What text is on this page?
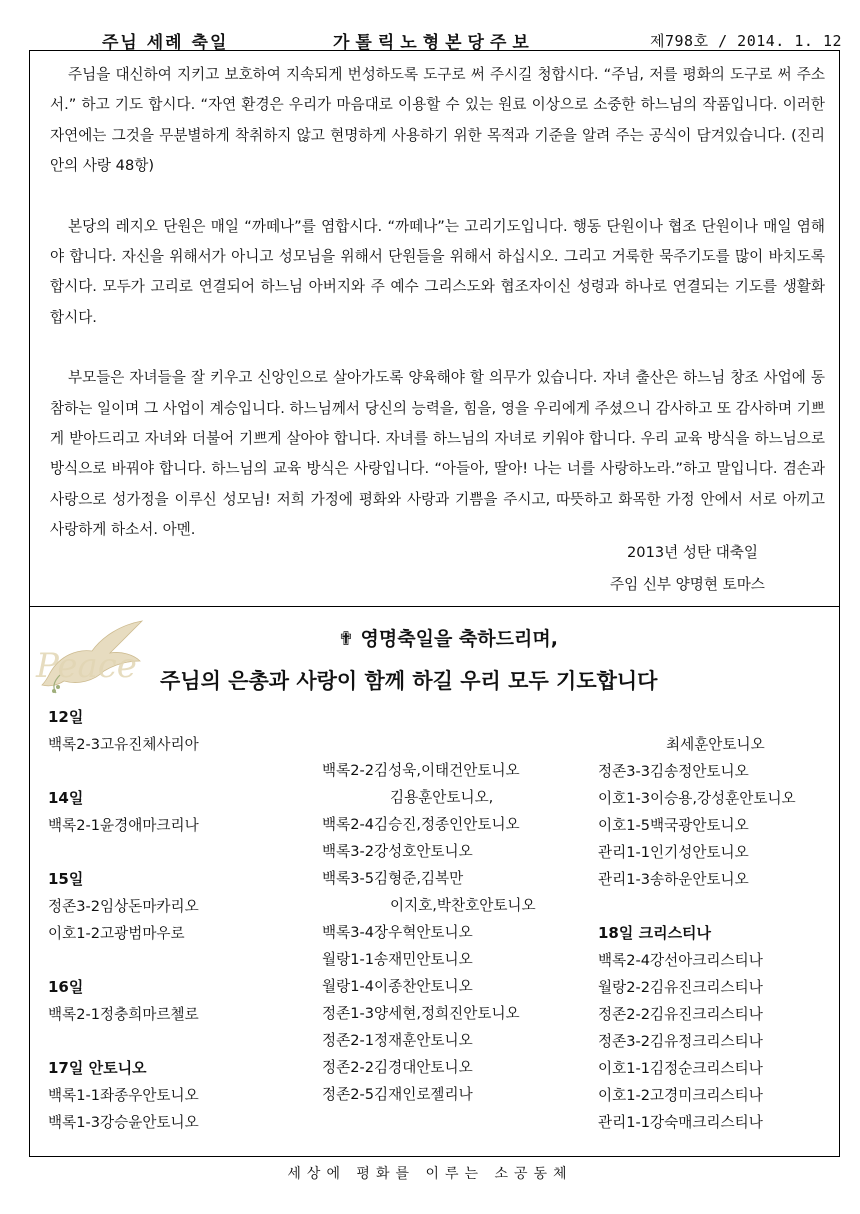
주님 세례 축일	가톨릭노형본당주보	제798호 / 2014. 1. 12

주님을 대신하여 지키고 보호하여 지속되게 번성하도록 도구로 써 주시길 청합시다. “주님, 저를 평화의 도구로 써 주소서.” 하고 기도 합시다. “자연 환경은 우리가 마음대로 이용할 수 있는 원료 이상으로 소중한 하느님의 작품입니다. 이러한 자연에는 그것을 무분별하게 착취하지 않고 현명하게 사용하기 위한 목적과 기준을 알려 주는 공식이 담겨있습니다. (진리안의 사랑 48항)

본당의 레지오 단원은 매일 “까떼나”를 염합시다. “까떼나”는 고리기도입니다. 행동 단원이나 협조 단원이나 매일 염해야 합니다. 자신을 위해서가 아니고 성모님을 위해서 단원들을 위해서 하십시오. 그리고 거룩한 묵주기도를 많이 바치도록 합시다. 모두가 고리로 연결되어 하느님 아버지와 주 예수 그리스도와 협조자이신 성령과 하나로 연결되는 기도를 생활화 합시다.

부모들은 자녀들을 잘 키우고 신앙인으로 살아가도록 양육해야 할 의무가 있습니다. 자녀 출산은 하느님 창조 사업에 동참하는 일이며 그 사업이 계승입니다. 하느님께서 당신의 능력을, 힘을, 영을 우리에게 주셨으니 감사하고 또 감사하며 기쁘게 받아드리고 자녀와 더불어 기쁘게 살아야 합니다. 자녀를 하느님의 자녀로 키워야 합니다. 우리 교육 방식을 하느님으로 방식으로 바꿔야 합니다. 하느님의 교육 방식은 사랑입니다. “아들아, 딸아! 나는 너를 사랑하노라.”하고 말입니다. 겸손과 사랑으로 성가정을 이루신 성모님! 저희 가정에 평화와 사랑과 기쁨을 주시고, 따뜻하고 화목한 가정 안에서 서로 아끼고 사랑하게 하소서. 아멘.

2013년 성탄 대축일
주임 신부 양명현 토마스
Peace
✟ 영명축일을 축하드리며,
주님의 은총과 사랑이 함께 하길 우리 모두 기도합니다
12일
백록2-3고유진체사리아
14일
백록2-1윤경애마크리나
15일
정존3-2임상돈마카리오
이호1-2고광범마우로
16일
백록2-1정충희마르첼로
17일 안토니오
백록1-1좌종우안토니오
백록1-3강승윤안토니오
백록2-2김성욱,이태건안토니오
김용훈안토니오,
백록2-4김승진,정종인안토니오
백록3-2강성호안토니오
백록3-5김형준,김복만
이지호,박찬호안토니오
백록3-4장우혁안토니오
월랑1-1송재민안토니오
월랑1-4이종찬안토니오
정존1-3양세현,정희진안토니오
정존2-1정재훈안토니오
정존2-2김경대안토니오
정존2-5김재인로젤리나
최세훈안토니오
정존3-3김송정안토니오
이호1-3이승용,강성훈안토니오
이호1-5백국광안토니오
관리1-1인기성안토니오
관리1-3송하운안토니오
18일 크리스티나
백록2-4강선아크리스티나
월랑2-2김유진크리스티나
정존2-2김유진크리스티나
정존3-2김유정크리스티나
이호1-1김정순크리스티나
이호1-2고경미크리스티나
관리1-1강숙매크리스티나
세상에 평화를 이루는 소공동체
